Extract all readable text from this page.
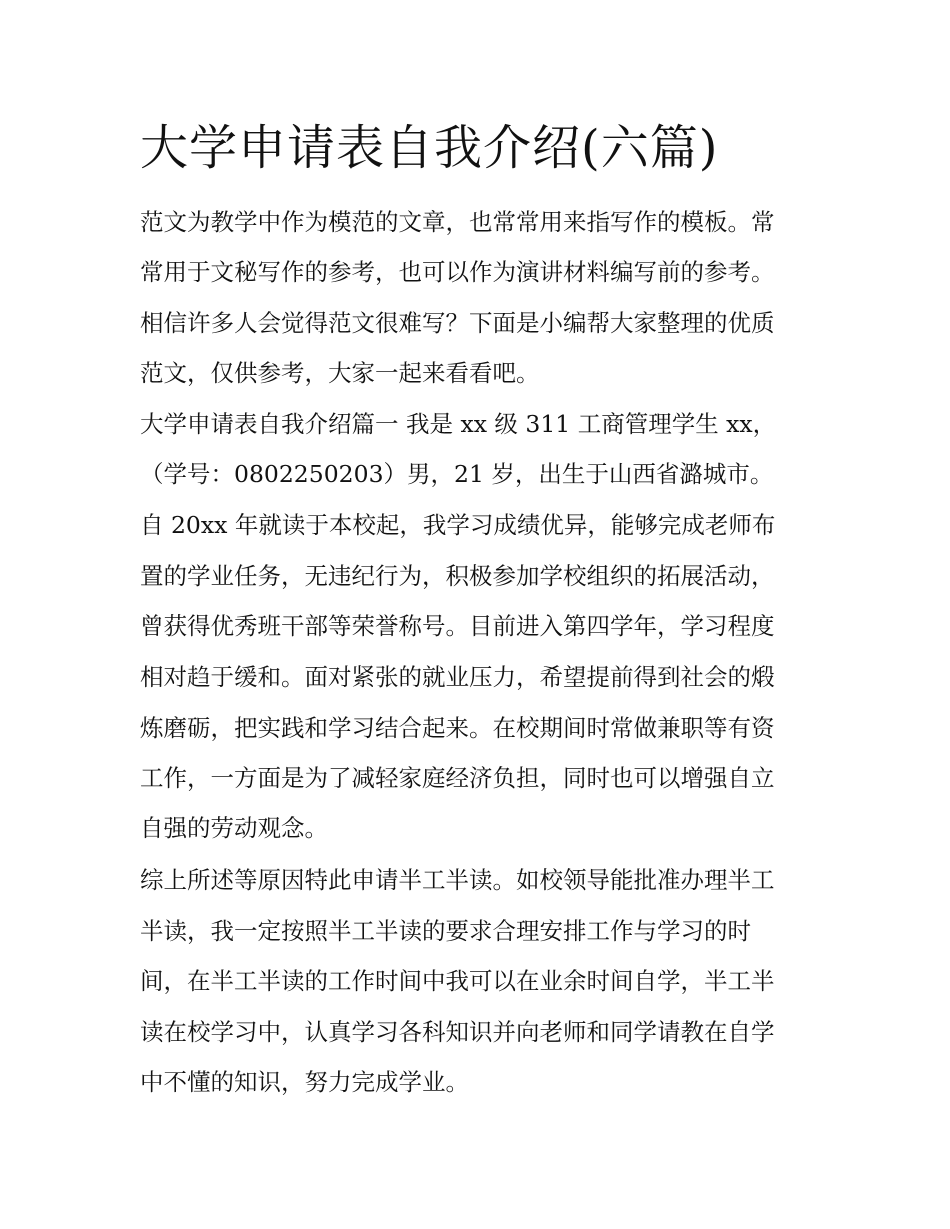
大学申请表自我介绍(六篇)

范文为教学中作为模范的文章，也常常用来指写作的模板。常

常用于文秘写作的参考，也可以作为演讲材料编写前的参考。

相信许多人会觉得范文很难写？下面是小编帮大家整理的优质

范文，仅供参考，大家一起来看看吧。

大学申请表自我介绍篇一 我是 xx 级 311 工商管理学生 xx，

（学号：0802250203）男，21 岁，出生于山西省潞城市。

自 20xx 年就读于本校起，我学习成绩优异，能够完成老师布

置的学业任务，无违纪行为，积极参加学校组织的拓展活动，

曾获得优秀班干部等荣誉称号。目前进入第四学年，学习程度

相对趋于缓和。面对紧张的就业压力，希望提前得到社会的煅

炼磨砺，把实践和学习结合起来。在校期间时常做兼职等有资

工作，一方面是为了减轻家庭经济负担，同时也可以增强自立

自强的劳动观念。

综上所述等原因特此申请半工半读。如校领导能批准办理半工

半读，我一定按照半工半读的要求合理安排工作与学习的时

间，在半工半读的工作时间中我可以在业余时间自学，半工半

读在校学习中，认真学习各科知识并向老师和同学请教在自学

中不懂的知识，努力完成学业。
